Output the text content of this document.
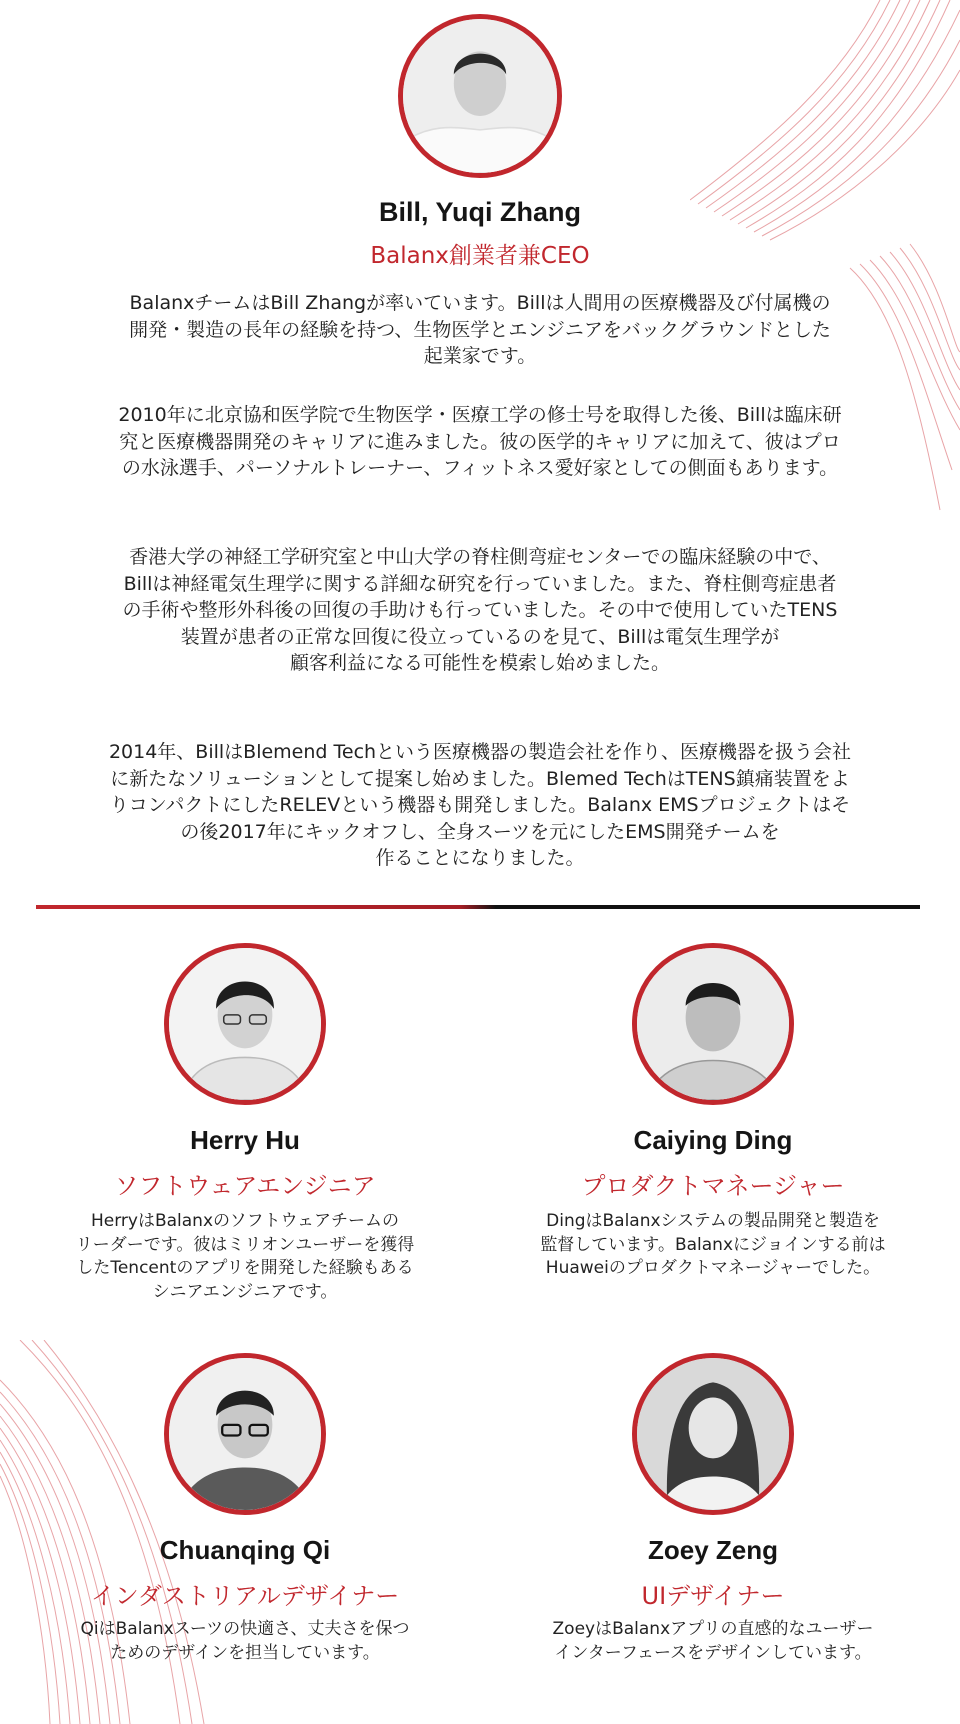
Bill, Yuqi Zhang
Balanx創業者兼CEO

BalanxチームはBill Zhangが率いています。Billは人間用の医療機器及び付属機の
開発・製造の長年の経験を持つ、生物医学とエンジニアをバックグラウンドとした
起業家です。

2010年に北京協和医学院で生物医学・医療工学の修士号を取得した後、Billは臨床研
究と医療機器開発のキャリアに進みました。彼の医学的キャリアに加えて、彼はプロ
の水泳選手、パーソナルトレーナー、フィットネス愛好家としての側面もあります。

香港大学の神経工学研究室と中山大学の脊柱側弯症センターでの臨床経験の中で、
Billは神経電気生理学に関する詳細な研究を行っていました。また、脊柱側弯症患者
の手術や整形外科後の回復の手助けも行っていました。その中で使用していたTENS
装置が患者の正常な回復に役立っているのを見て、Billは電気生理学が
顧客利益になる可能性を模索し始めました。

2014年、BillはBlemend Techという医療機器の製造会社を作り、医療機器を扱う会社
に新たなソリューションとして提案し始めました。Blemed TechはTENS鎮痛装置をよ
りコンパクトにしたRELEVという機器も開発しました。Balanx EMSプロジェクトはそ
の後2017年にキックオフし、全身スーツを元にしたEMS開発チームを
作ることになりました。

Herry Hu
ソフトウェアエンジニア

HerryはBalanxのソフトウェアチームの
リーダーです。彼はミリオンユーザーを獲得
したTencentのアプリを開発した経験もある
シニアエンジニアです。

Caiying Ding
プロダクトマネージャー

DingはBalanxシステムの製品開発と製造を
監督しています。Balanxにジョインする前は
Huaweiのプロダクトマネージャーでした。

Chuanqing Qi
インダストリアルデザイナー

QiはBalanxスーツの快適さ、丈夫さを保つ
ためのデザインを担当しています。

Zoey Zeng
UIデザイナー

ZoeyはBalanxアプリの直感的なユーザー
インターフェースをデザインしています。
